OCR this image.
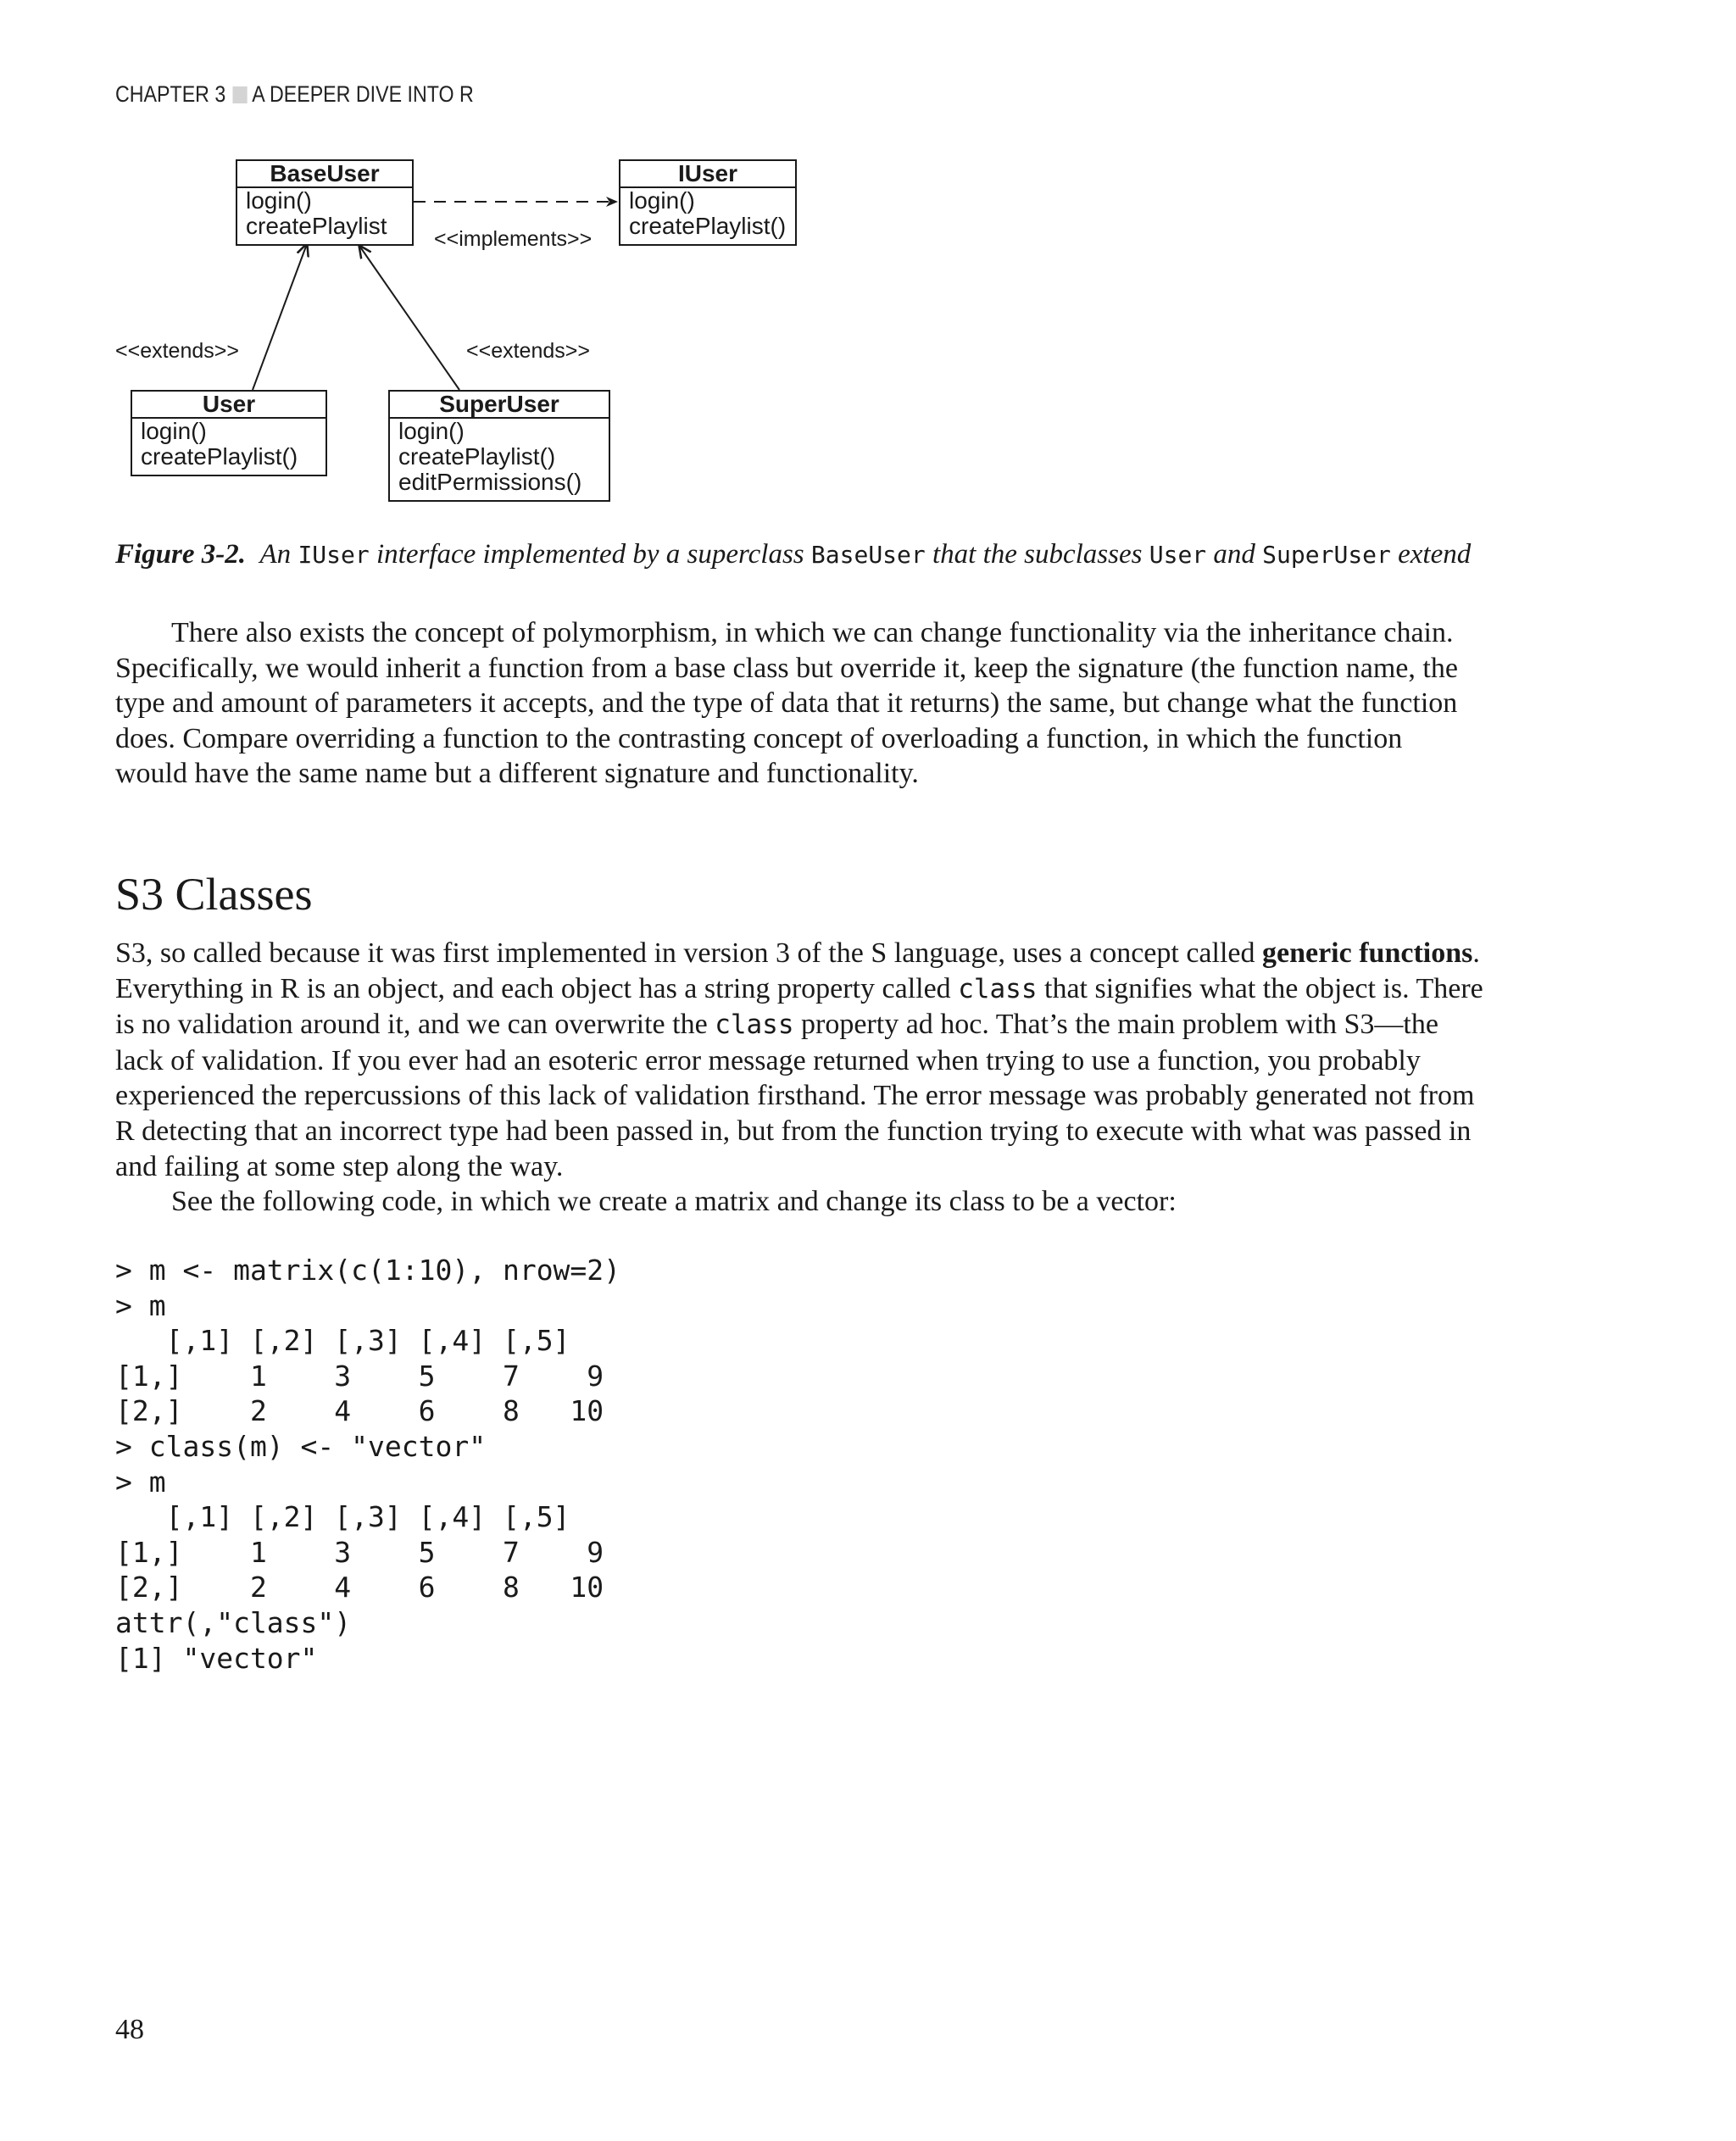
CHAPTER 3 A DEEPER DIVE INTO R
BaseUser
login()
createPlaylist
IUser
login()
createPlaylist()
<<implements>>
<<extends>>	<<extends>>
User
login()
createPlaylist()
SuperUser
login()
createPlaylist()
editPermissions()
Figure 3-2. An IUser interface implemented by a superclass BaseUser that the subclasses User and SuperUser extend
There also exists the concept of polymorphism, in which we can change functionality via the inheritance chain.
Specifically, we would inherit a function from a base class but override it, keep the signature (the function name, the
type and amount of parameters it accepts, and the type of data that it returns) the same, but change what the function
does. Compare overriding a function to the contrasting concept of overloading a function, in which the function
would have the same name but a different signature and functionality.
S3 Classes
S3, so called because it was first implemented in version 3 of the S language, uses a concept called generic functions.
Everything in R is an object, and each object has a string property called class that signifies what the object is. There
is no validation around it, and we can overwrite the class property ad hoc. That’s the main problem with S3—the
lack of validation. If you ever had an esoteric error message returned when trying to use a function, you probably
experienced the repercussions of this lack of validation firsthand. The error message was probably generated not from
R detecting that an incorrect type had been passed in, but from the function trying to execute with what was passed in
and failing at some step along the way.
See the following code, in which we create a matrix and change its class to be a vector:
> m <- matrix(c(1:10), nrow=2)
> m
[,1] [,2] [,3] [,4] [,5]
[1,]    1    3    5    7    9
[2,]    2    4    6    8   10
> class(m) <- "vector"
> m
[,1] [,2] [,3] [,4] [,5]
[1,]    1    3    5    7    9
[2,]    2    4    6    8   10
attr(,"class")
[1] "vector"
48
